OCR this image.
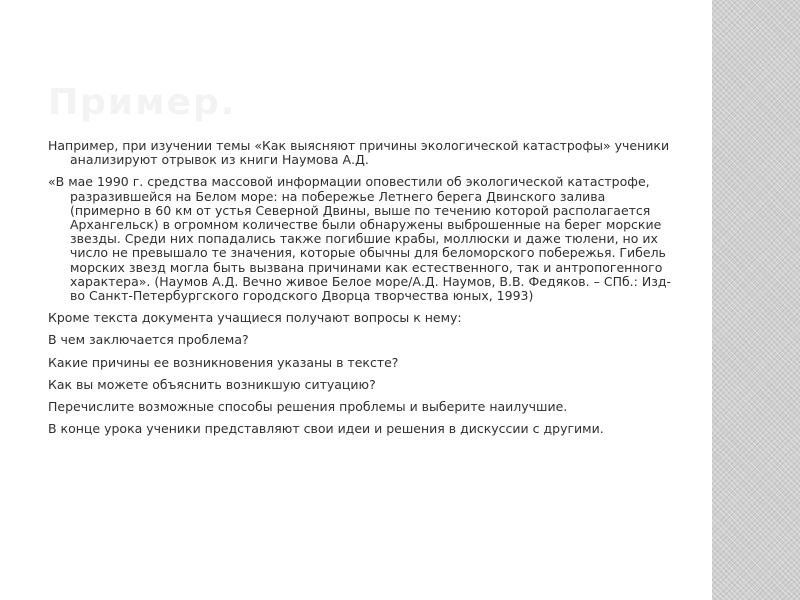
Пример.

Например, при изучении темы «Как выясняют причины экологической катастрофы» ученики анализируют отрывок из книги Наумова А.Д.

«В мае 1990 г. средства массовой информации оповестили об экологической катастрофе, разразившейся на Белом море: на побережье Летнего берега Двинского залива (примерно в 60 км от устья Северной Двины, выше по течению которой располагается Архангельск) в огромном количестве были обнаружены выброшенные на берег морские звезды. Среди них попадались также погибшие крабы, моллюски и даже тюлени, но их число не превышало те значения, которые обычны для беломорского побережья. Гибель морских звезд могла быть вызвана причинами как естественного, так и антропогенного характера». (Наумов А.Д. Вечно живое Белое море/А.Д. Наумов, В.В. Федяков. – СПб.: Изд-во Санкт-Петербургского городского Дворца творчества юных, 1993)

Кроме текста документа учащиеся получают вопросы к нему:

В чем заключается проблема?

Какие причины ее возникновения указаны в тексте?

Как вы можете объяснить возникшую ситуацию?

Перечислите возможные способы решения проблемы и выберите наилучшие.

В конце урока ученики представляют свои идеи и решения в дискуссии с другими.
